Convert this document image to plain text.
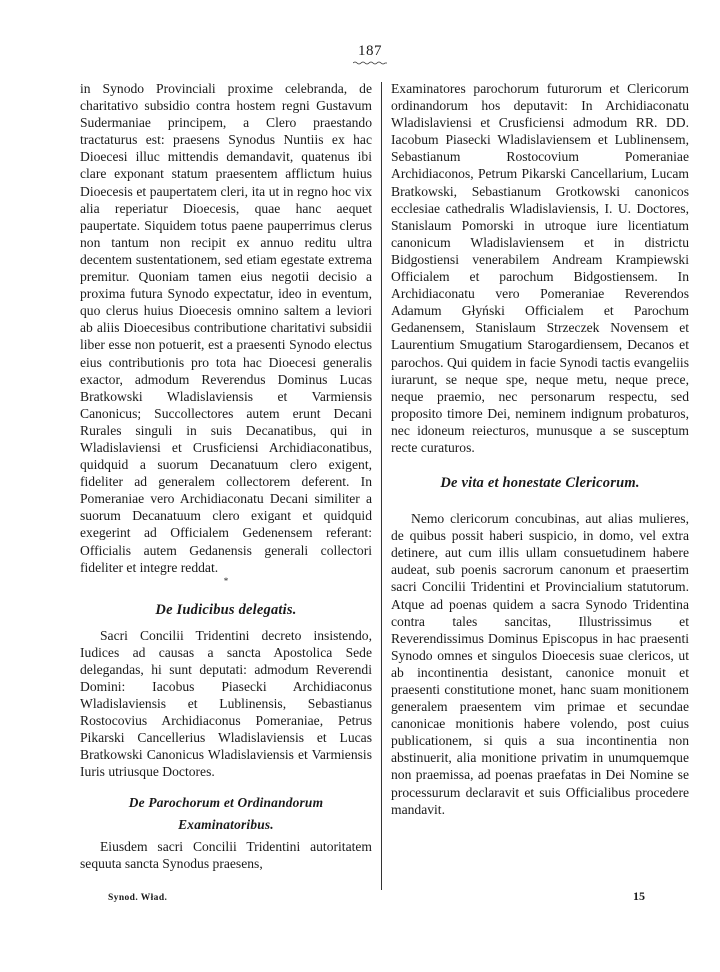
187

in Synodo Provinciali proxime celebranda, de charitativo subsidio contra hostem regni Gustavum Sudermaniae principem, a Clero praestando tractaturus est: praesens Synodus Nuntiis ex hac Dioecesi illuc mittendis demandavit, quatenus ibi clare exponant statum praesentem afflictum huius Dioecesis et paupertatem cleri, ita ut in regno hoc vix alia reperiatur Dioecesis, quae hanc aequet paupertate. Siquidem totus paene pauperrimus clerus non tantum non recipit ex annuo reditu ultra decentem sustentationem, sed etiam egestate extrema premitur. Quoniam tamen eius negotii decisio a proxima futura Synodo expectatur, ideo in eventum, quo clerus huius Dioecesis omnino saltem a leviori ab aliis Dioecesibus contributione charitativi subsidii liber esse non potuerit, est a praesenti Synodo electus eius contributionis pro tota hac Dioecesi generalis exactor, admodum Reverendus Dominus Lucas Bratkowski Wladislaviensis et Varmiensis Canonicus; Succollectores autem erunt Decani Rurales singuli in suis Decanatibus, qui in Wladislaviensi et Crusficiensi Archidiaconatibus, quidquid a suorum Decanatuum clero exigent, fideliter ad generalem collectorem deferent. In Pomeraniae vero Archidiaconatu Decani similiter a suorum Decanatuum clero exigant et quidquid exegerint ad Officialem Gedenensem referant: Officialis autem Gedanensis generali collectori fideliter et integre reddat.

*
De Iudicibus delegatis.

Sacri Concilii Tridentini decreto insistendo, Iudices ad causas a sancta Apostolica Sede delegandas, hi sunt deputati: admodum Reverendi Domini: Iacobus Piasecki Archidiaconus Wladislaviensis et Lublinensis, Sebastianus Rostocovius Archidiaconus Pomeraniae, Petrus Pikarski Cancellerius Wladislaviensis et Lucas Bratkowski Canonicus Wladislaviensis et Varmiensis Iuris utriusque Doctores.

De Parochorum et Ordinandorum Examinatoribus.

Eiusdem sacri Concilii Tridentini autoritatem sequuta sancta Synodus praesens,

Examinatores parochorum futurorum et Clericorum ordinandorum hos deputavit: In Archidiaconatu Wladislaviensi et Crusficiensi admodum RR. DD. Iacobum Piasecki Wladislaviensem et Lublinensem, Sebastianum Rostocovium Pomeraniae Archidiaconos, Petrum Pikarski Cancellarium, Lucam Bratkowski, Sebastianum Grotkowski canonicos ecclesiae cathedralis Wladislaviensis, I. U. Doctores, Stanislaum Pomorski in utroque iure licentiatum canonicum Wladislaviensem et in districtu Bidgostiensi venerabilem Andream Krampiewski Officialem et parochum Bidgostiensem. In Archidiaconatu vero Pomeraniae Reverendos Adamum Głyński Officialem et Parochum Gedanensem, Stanislaum Strzeczek Novensem et Laurentium Smugatium Starogardiensem, Decanos et parochos. Qui quidem in facie Synodi tactis evangeliis iurarunt, se neque spe, neque metu, neque prece, neque praemio, nec personarum respectu, sed proposito timore Dei, neminem indignum probaturos, nec idoneum reiecturos, munusque a se susceptum recte curaturos.

De vita et honestate Clericorum.

Nemo clericorum concubinas, aut alias mulieres, de quibus possit haberi suspicio, in domo, vel extra detinere, aut cum illis ullam consuetudinem habere audeat, sub poenis sacrorum canonum et praesertim sacri Concilii Tridentini et Provincialium statutorum. Atque ad poenas quidem a sacra Synodo Tridentina contra tales sancitas, Illustrissimus et Reverendissimus Dominus Episcopus in hac praesenti Synodo omnes et singulos Dioecesis suae clericos, ut ab incontinentia desistant, canonice monuit et praesenti constitutione monet, hanc suam monitionem generalem praesentem vim primae et secundae canonicae monitionis habere volendo, post cuius publicationem, si quis a sua incontinentia non abstinuerit, alia monitione privatim in unumquemque non praemissa, ad poenas praefatas in Dei Nomine se processurum declaravit et suis Officialibus procedere mandavit.

Synod. Wład.	15
